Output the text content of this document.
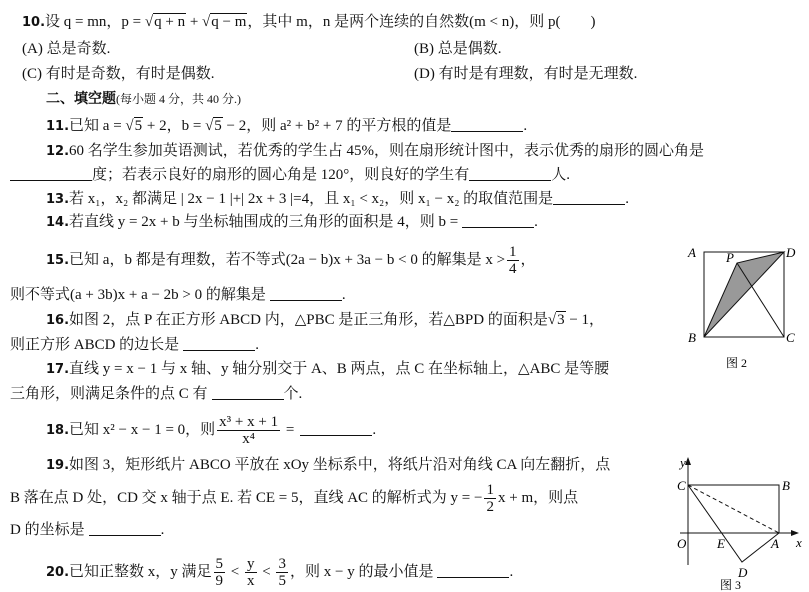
10.设 q = mn，p = √q + n + √q − m，其中 m，n 是两个连续的自然数(m < n)，则 p(　　)
(A) 总是奇数.	(B) 总是偶数.
(C) 有时是奇数，有时是偶数.	(D) 有时是有理数，有时是无理数.
二、填空题(每小题 4 分，共 40 分.)
11.已知 a = √5 + 2，b = √5 − 2，则 a² + b² + 7 的平方根的值是	.
12.60 名学生参加英语测试，若优秀的学生占 45%，则在扇形统计图中，表示优秀的扇形的圆心角是
度；若表示良好的扇形的圆心角是 120°，则良好的学生有	人.
13.若 x₁，x₂ 都满足 | 2x − 1 |+| 2x + 3 |=4，且 x₁ < x₂，则 x₁ − x₂ 的取值范围是	.
14.若直线 y = 2x + b 与坐标轴围成的三角形的面积是 4，则 b =	.
15.已知 a，b 都是有理数，若不等式(2a − b)x + 3a − b < 0 的解集是 $x > \frac{1}{4}$ ，
则不等式(a + 3b)x + a − 2b > 0 的解集是	.
16.如图 2，点 P 在正方形 ABCD 内，△PBC 是正三角形，若△BPD 的面积是√3 − 1，
则正方形 ABCD 的边长是	.
17.直线 y = x − 1 与 x 轴、y 轴分别交于 A、B 两点，点 C 在坐标轴上，△ABC 是等腰
三角形，则满足条件的点 C 有	个.
18.已知 x² − x − 1 = 0，则 $\frac{\text{x³ + x + 1}}{\text{x⁴}}$ =	.
19.如图 3，矩形纸片 ABCO 平放在 xOy 坐标系中，将纸片沿对角线 CA 向左翻折，点
B 落在点 D 处，CD 交 x 轴于点 E. 若 CE = 5，直线 AC 的解析式为 y = − $\frac{1}{2}$ x + m，则点
D 的坐标是	.
20.已知正整数 x，y 满足 $\frac{5}{9} < \frac{y}{x} < \frac{3}{5}$ ，则 x − y 的最小值是	.
A	D
P
B	C
图 2
y
x
C	B
O E	A
D
图 3
